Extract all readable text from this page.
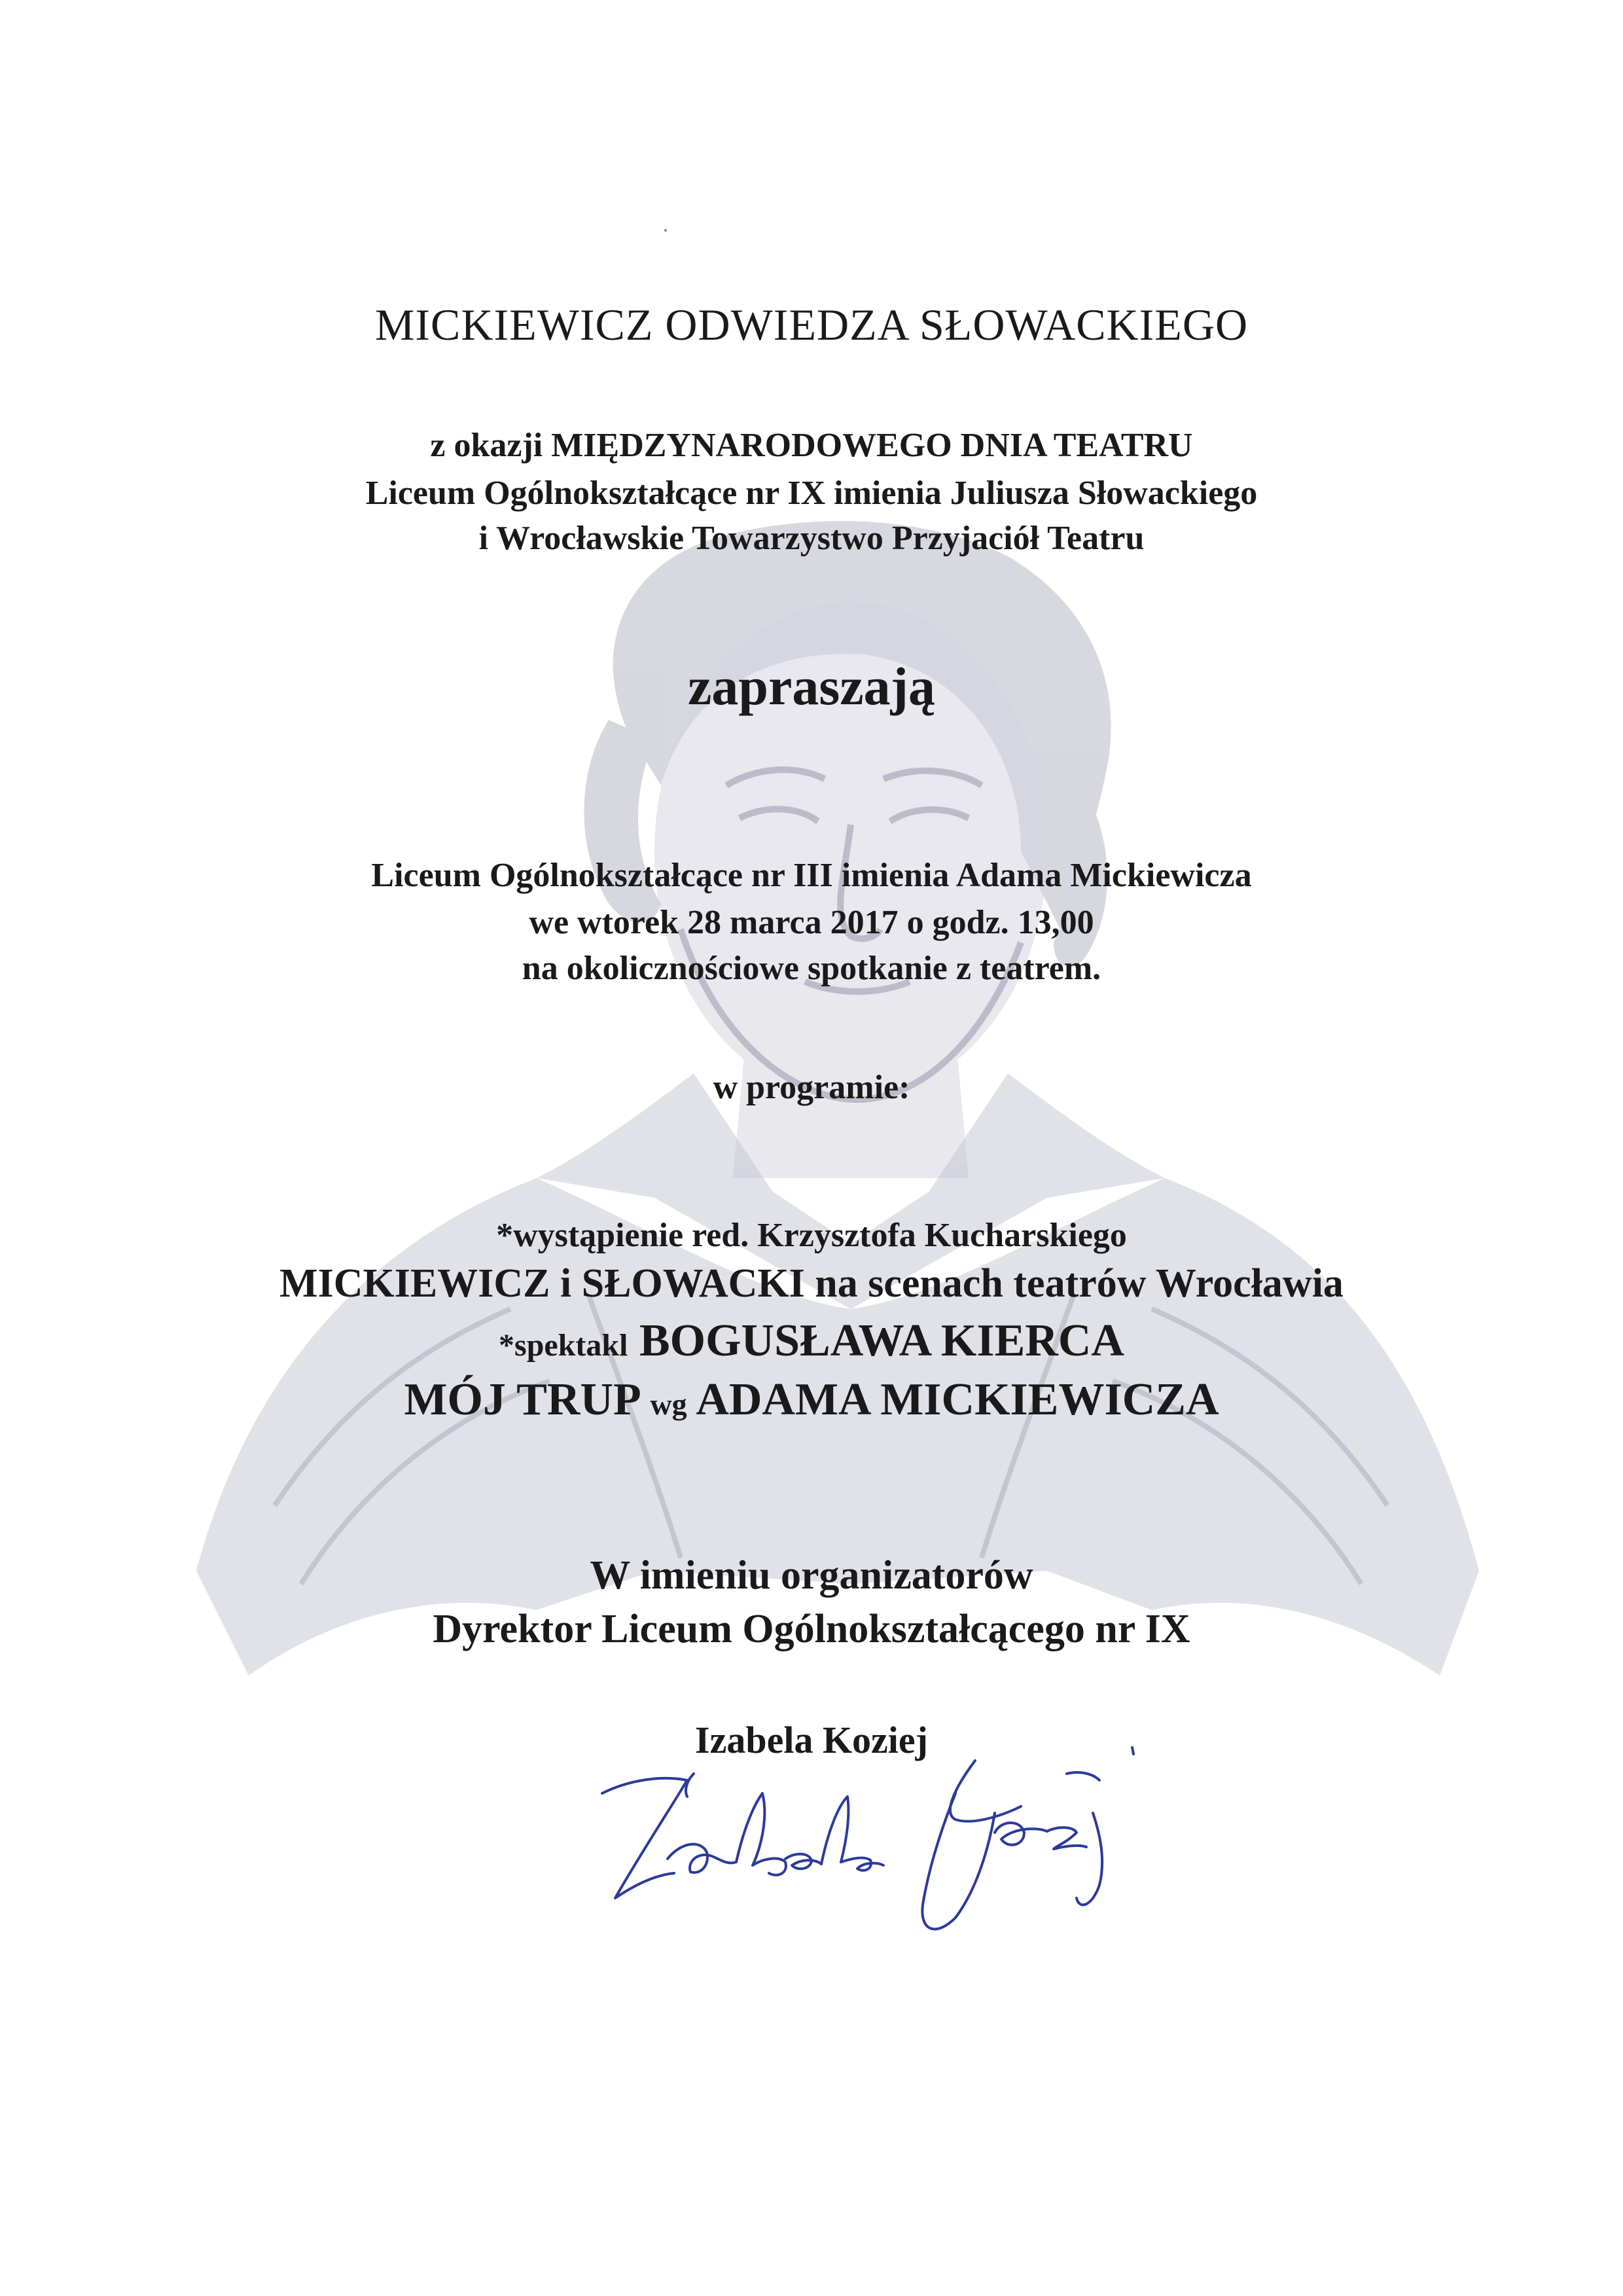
MICKIEWICZ ODWIEDZA SŁOWACKIEGO
z okazji MIĘDZYNARODOWEGO DNIA TEATRU
Liceum Ogólnokształcące nr IX imienia Juliusza Słowackiego
i Wrocławskie Towarzystwo Przyjaciół Teatru
zapraszają
Liceum Ogólnokształcące nr III imienia Adama Mickiewicza
we wtorek 28 marca 2017 o godz. 13,00
na okolicznościowe spotkanie z teatrem.
w programie:
*wystąpienie red. Krzysztofa Kucharskiego
MICKIEWICZ i SŁOWACKI na scenach teatrów Wrocławia
*spektakl BOGUSŁAWA KIERCA
MÓJ TRUP wg ADAMA MICKIEWICZA
W imieniu organizatorów
Dyrektor Liceum Ogólnokształcącego nr IX
Izabela Koziej
